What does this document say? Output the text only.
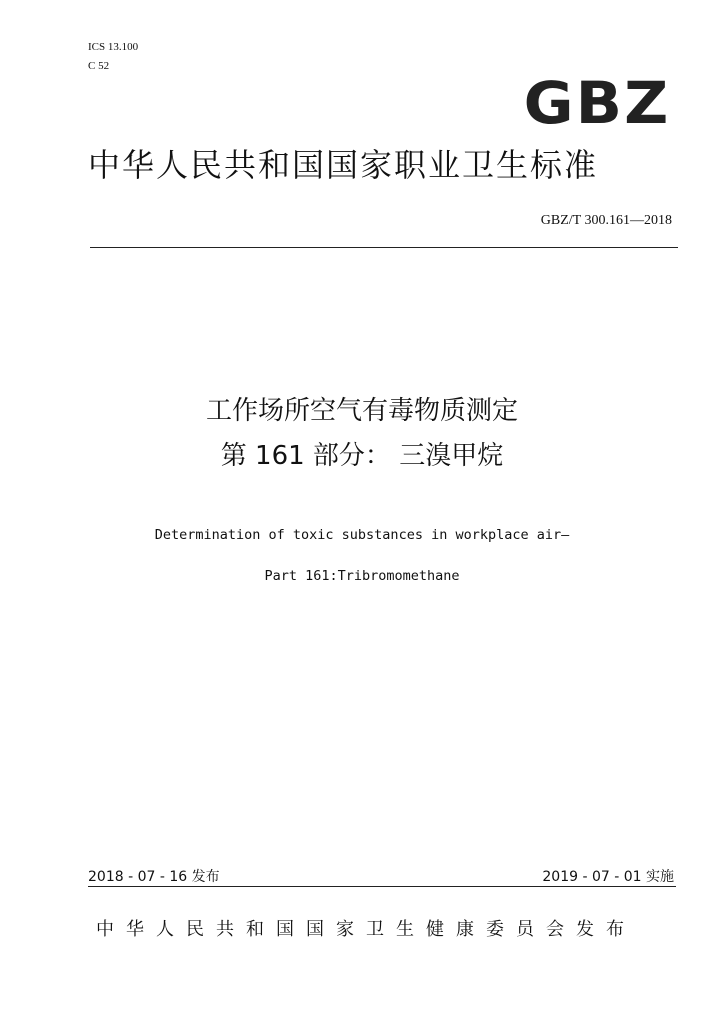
ICS 13.100
C 52
GBZ
中华人民共和国国家职业卫生标准
GBZ/T 300.161—2018
工作场所空气有毒物质测定
第 161 部分： 三溴甲烷
Determination of toxic substances in workplace air—
Part 161:Tribromomethane
2018 - 07 - 16 发布	2019 - 07 - 01 实施
中华人民共和国国家卫生健康委员会发布
